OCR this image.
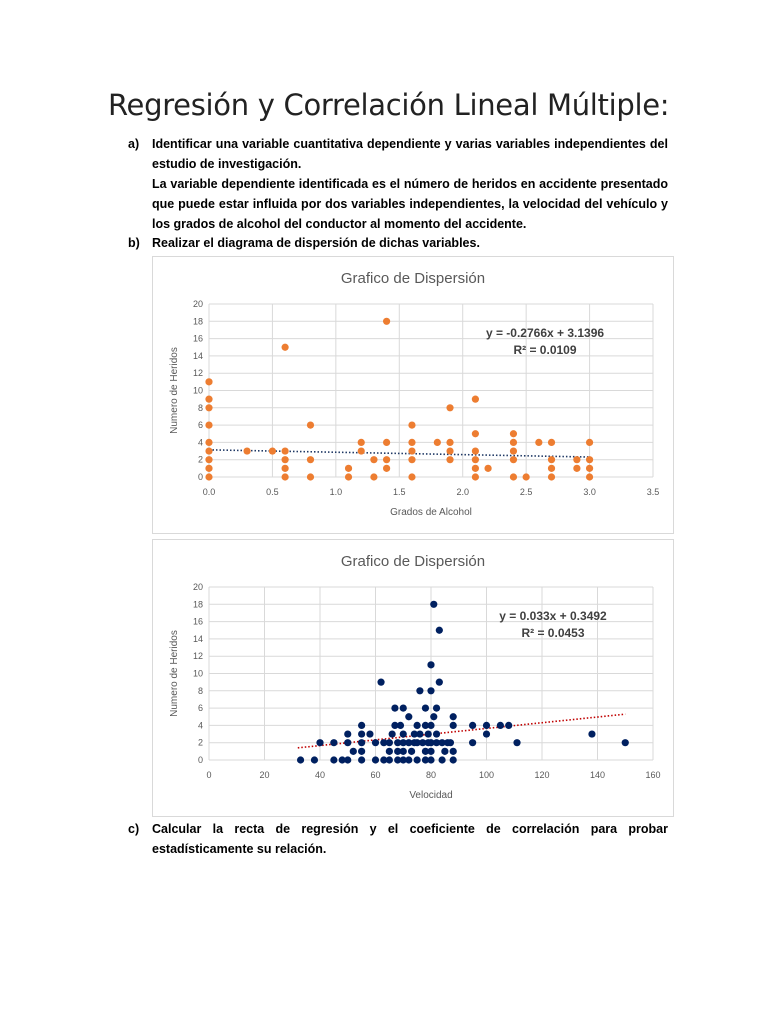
Regresión y Correlación Lineal Múltiple:
a) Identificar una variable cuantitativa dependiente y varias variables independientes del estudio de investigación.

La variable dependiente identificada es el número de heridos en accidente presentado que puede estar influida por dos variables independientes, la velocidad del vehículo y los grados de alcohol del conductor al momento del accidente.

b) Realizar el diagrama de dispersión de dichas variables.

Grafico de Dispersión
0
2
4
6
8
10
12
14
16
18
20
0.0	0.5	1.0	1.5	2.0	2.5	3.0	3.5
Grados de Alcohol
Numero de Heridos
y = -0.2766x + 3.1396
R² = 0.0109
Grafico de Dispersión
0
2
4
6
8
10
12
14
16
18
20
0	20	40	60	80	100	120	140	160
Velocidad
Numero de Heridos
y = 0.033x + 0.3492
R² = 0.0453
c) Calcular la recta de regresión y el coeficiente de correlación para probar estadísticamente su relación.
